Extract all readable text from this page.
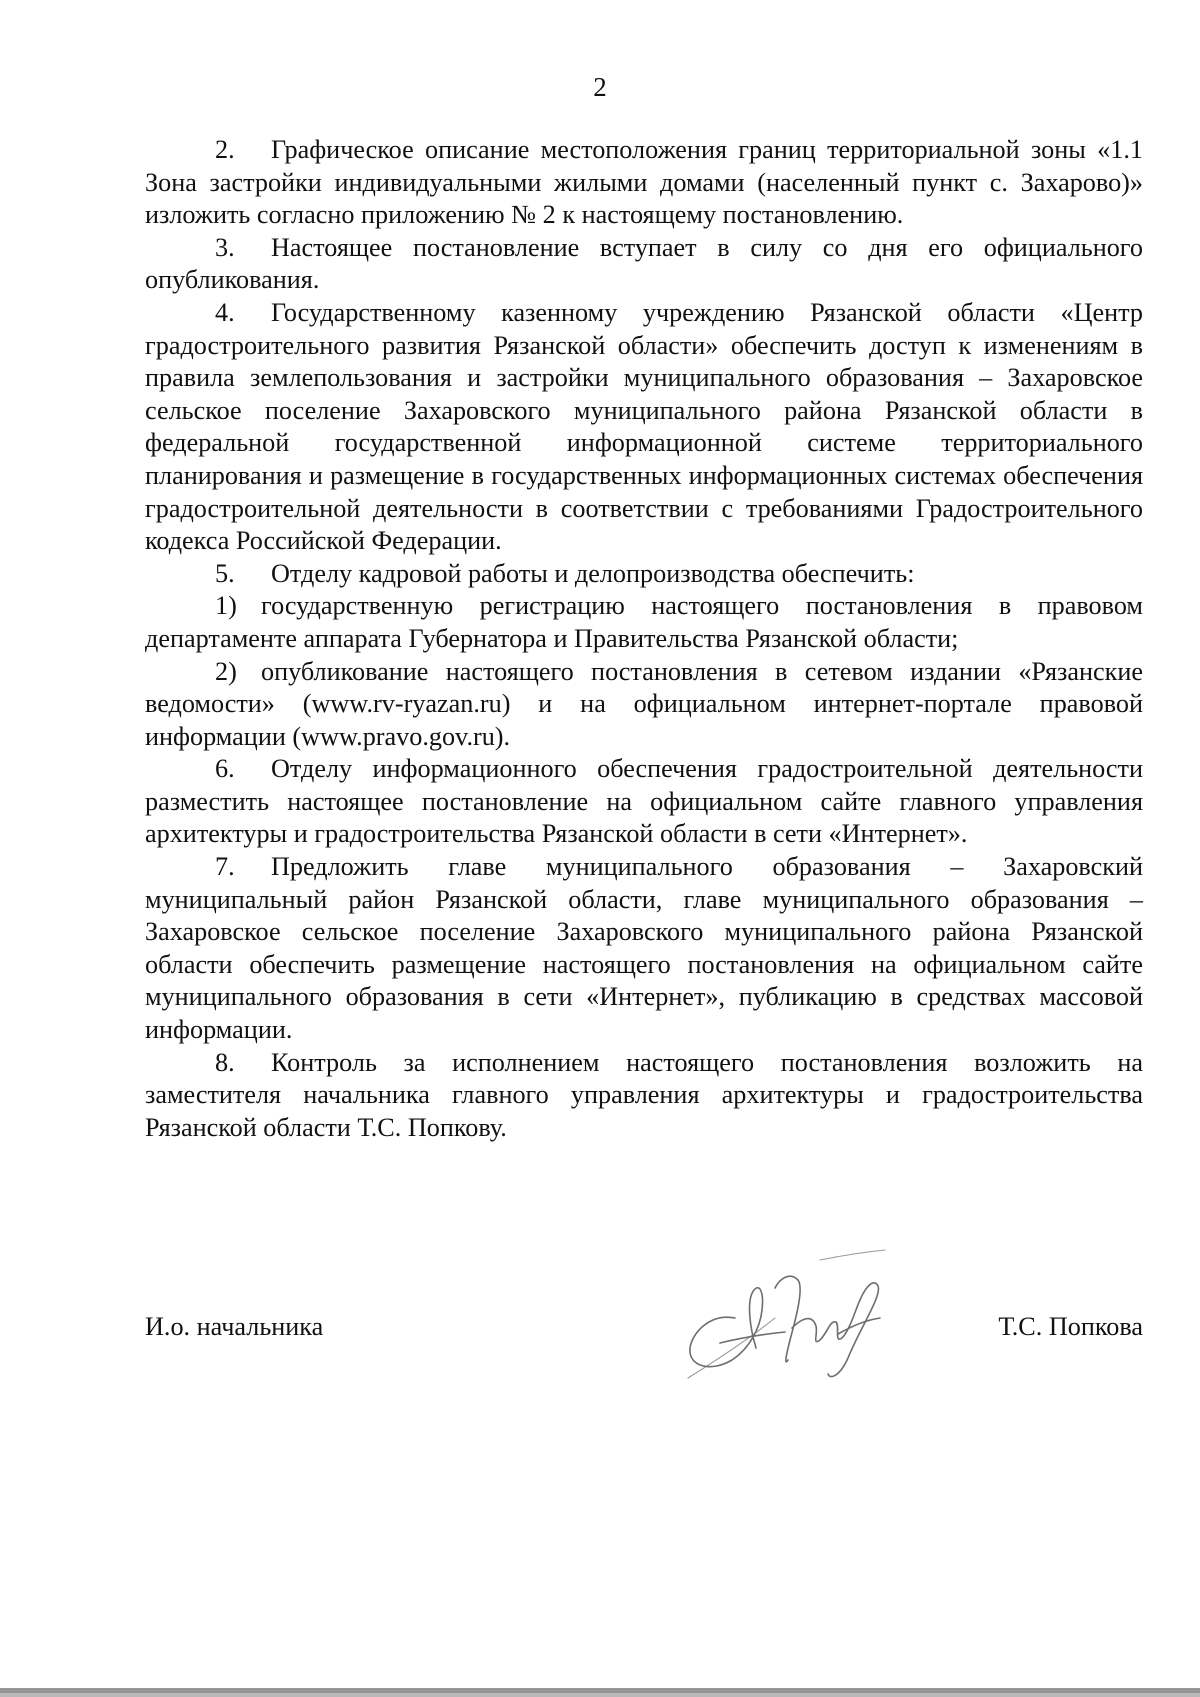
2

2. Графическое описание местоположения границ территориальной зоны «1.1 Зона застройки индивидуальными жилыми домами (населенный пункт с. Захарово)» изложить согласно приложению № 2 к настоящему постановлению.

3. Настоящее постановление вступает в силу со дня его официального опубликования.

4. Государственному казенному учреждению Рязанской области «Центр градостроительного развития Рязанской области» обеспечить доступ к изменениям в правила землепользования и застройки муниципального образования – Захаровское сельское поселение Захаровского муниципального района Рязанской области в федеральной государственной информационной системе территориального планирования и размещение в государственных информационных системах обеспечения градостроительной деятельности в соответствии с требованиями Градостроительного кодекса Российской Федерации.

5. Отделу кадровой работы и делопроизводства обеспечить:

1) государственную регистрацию настоящего постановления в правовом департаменте аппарата Губернатора и Правительства Рязанской области;

2) опубликование настоящего постановления в сетевом издании «Рязанские ведомости» (www.rv-ryazan.ru) и на официальном интернет-портале правовой информации (www.pravo.gov.ru).

6. Отделу информационного обеспечения градостроительной деятельности разместить настоящее постановление на официальном сайте главного управления архитектуры и градостроительства Рязанской области в сети «Интернет».

7. Предложить главе муниципального образования – Захаровский муниципальный район Рязанской области, главе муниципального образования – Захаровское сельское поселение Захаровского муниципального района Рязанской области обеспечить размещение настоящего постановления на официальном сайте муниципального образования в сети «Интернет», публикацию в средствах массовой информации.

8. Контроль за исполнением настоящего постановления возложить на заместителя начальника главного управления архитектуры и градостроительства Рязанской области Т.С. Попкову.

И.о. начальника	Т.С. Попкова
